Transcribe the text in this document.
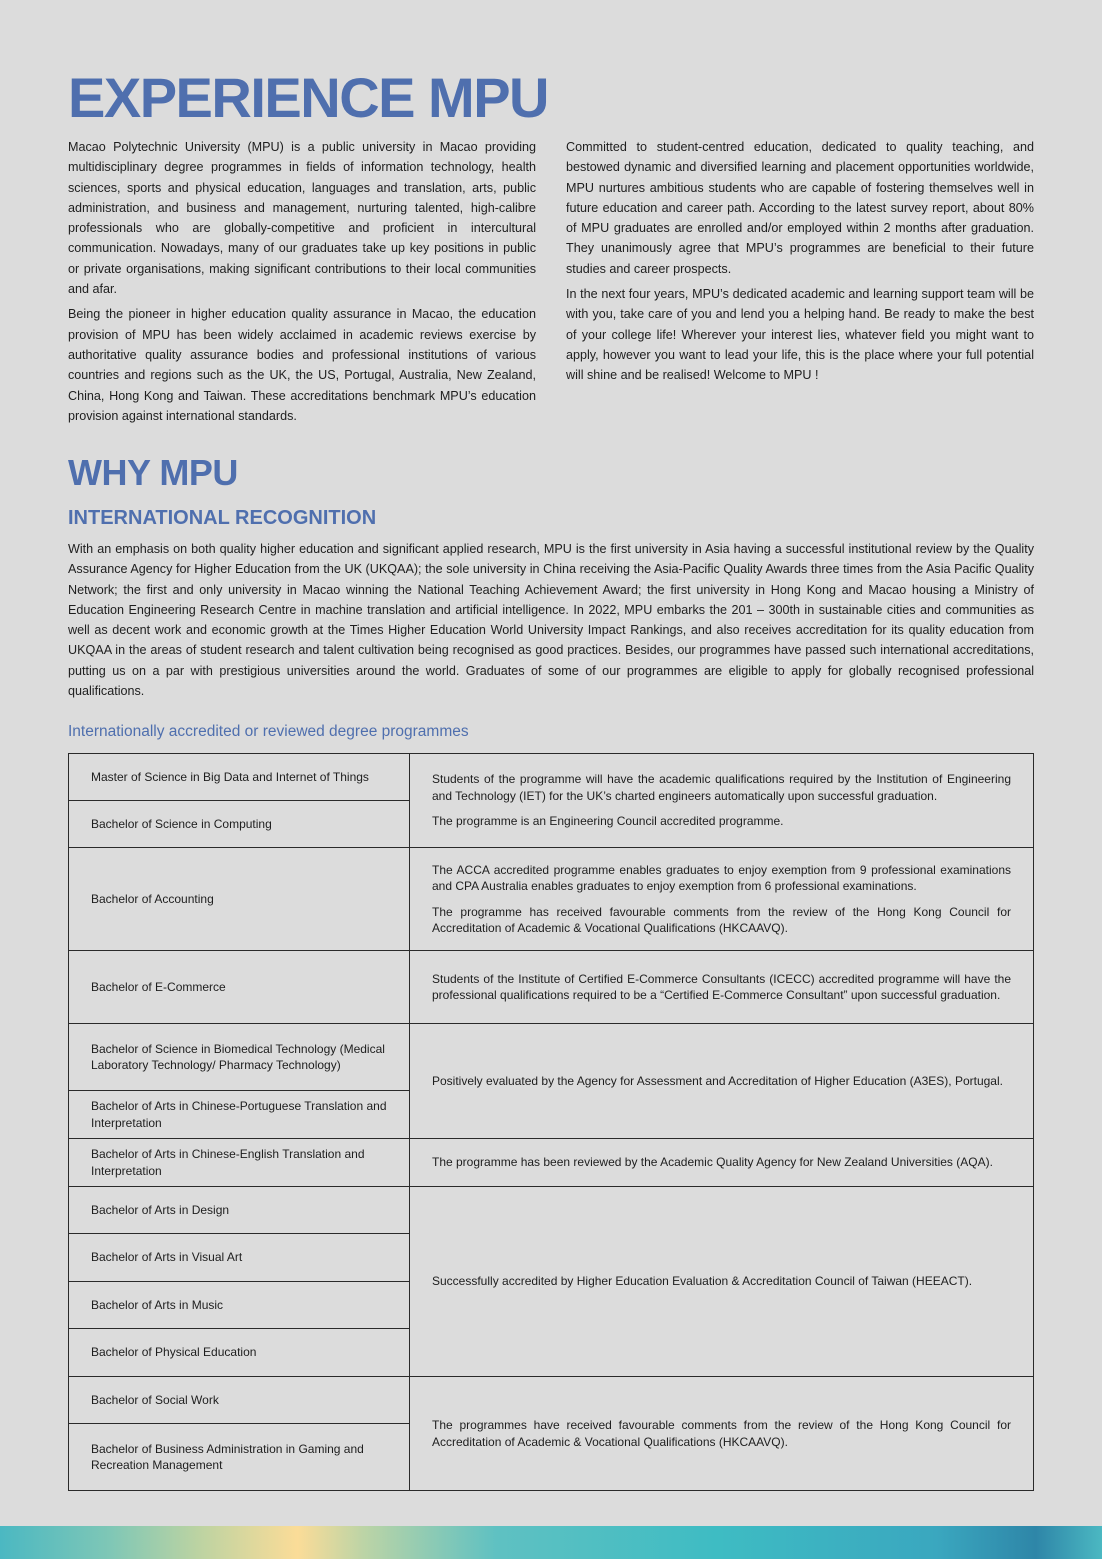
EXPERIENCE MPU

Macao Polytechnic University (MPU) is a public university in Macao providing multidisciplinary degree programmes in fields of information technology, health sciences, sports and physical education, languages and translation, arts, public administration, and business and management, nurturing talented, high-calibre professionals who are globally-competitive and proficient in intercultural communication. Nowadays, many of our graduates take up key positions in public or private organisations, making significant contributions to their local communities and afar.

Being the pioneer in higher education quality assurance in Macao, the education provision of MPU has been widely acclaimed in academic reviews exercise by authoritative quality assurance bodies and professional institutions of various countries and regions such as the UK, the US, Portugal, Australia, New Zealand, China, Hong Kong and Taiwan. These accreditations benchmark MPU’s education provision against international standards.

Committed to student-centred education, dedicated to quality teaching, and bestowed dynamic and diversified learning and placement opportunities worldwide, MPU nurtures ambitious students who are capable of fostering themselves well in future education and career path. According to the latest survey report, about 80% of MPU graduates are enrolled and/or employed within 2 months after graduation. They unanimously agree that MPU’s programmes are beneficial to their future studies and career prospects.

In the next four years, MPU’s dedicated academic and learning support team will be with you, take care of you and lend you a helping hand. Be ready to make the best of your college life! Wherever your interest lies, whatever field you might want to apply, however you want to lead your life, this is the place where your full potential will shine and be realised! Welcome to MPU !

WHY MPU
INTERNATIONAL RECOGNITION

With an emphasis on both quality higher education and significant applied research, MPU is the first university in Asia having a successful institutional review by the Quality Assurance Agency for Higher Education from the UK (UKQAA); the sole university in China receiving the Asia-Pacific Quality Awards three times from the Asia Pacific Quality Network; the first and only university in Macao winning the National Teaching Achievement Award; the first university in Hong Kong and Macao housing a Ministry of Education Engineering Research Centre in machine translation and artificial intelligence. In 2022, MPU embarks the 201 – 300th in sustainable cities and communities as well as decent work and economic growth at the Times Higher Education World University Impact Rankings, and also receives accreditation for its quality education from UKQAA in the areas of student research and talent cultivation being recognised as good practices. Besides, our programmes have passed such international accreditations, putting us on a par with prestigious universities around the world. Graduates of some of our programmes are eligible to apply for globally recognised professional qualifications.

Internationally accredited or reviewed degree programmes

Master of Science in Big Data and Internet of Things	Students of the programme will have the academic qualifications required by the Institution of Engineering and Technology (IET) for the UK’s charted engineers automatically upon successful graduation.

The programme is an Engineering Council accredited programme.

Bachelor of Science in Computing	
Bachelor of Accounting	The ACCA accredited programme enables graduates to enjoy exemption from 9 professional examinations and CPA Australia enables graduates to enjoy exemption from 6 professional examinations.

The programme has received favourable comments from the review of the Hong Kong Council for Accreditation of Academic & Vocational Qualifications (HKCAAVQ).

Bachelor of E-Commerce	Students of the Institute of Certified E-Commerce Consultants (ICECC) accredited programme will have the professional qualifications required to be a “Certified E-Commerce Consultant” upon successful graduation.

Bachelor of Science in Biomedical Technology (Medical Laboratory Technology/ Pharmacy Technology)	Positively evaluated by the Agency for Assessment and Accreditation of Higher Education (A3ES), Portugal.

Bachelor of Arts in Chinese-Portuguese Translation and Interpretation	
Bachelor of Arts in Chinese-English Translation and Interpretation	The programme has been reviewed by the Academic Quality Agency for New Zealand Universities (AQA).

Bachelor of Arts in Design	Successfully accredited by Higher Education Evaluation & Accreditation Council of Taiwan (HEEACT).

Bachelor of Arts in Visual Art	
Bachelor of Arts in Music	
Bachelor of Physical Education	
Bachelor of Social Work	The programmes have received favourable comments from the review of the Hong Kong Council for Accreditation of Academic & Vocational Qualifications (HKCAAVQ).

Bachelor of Business Administration in Gaming and Recreation Management	
